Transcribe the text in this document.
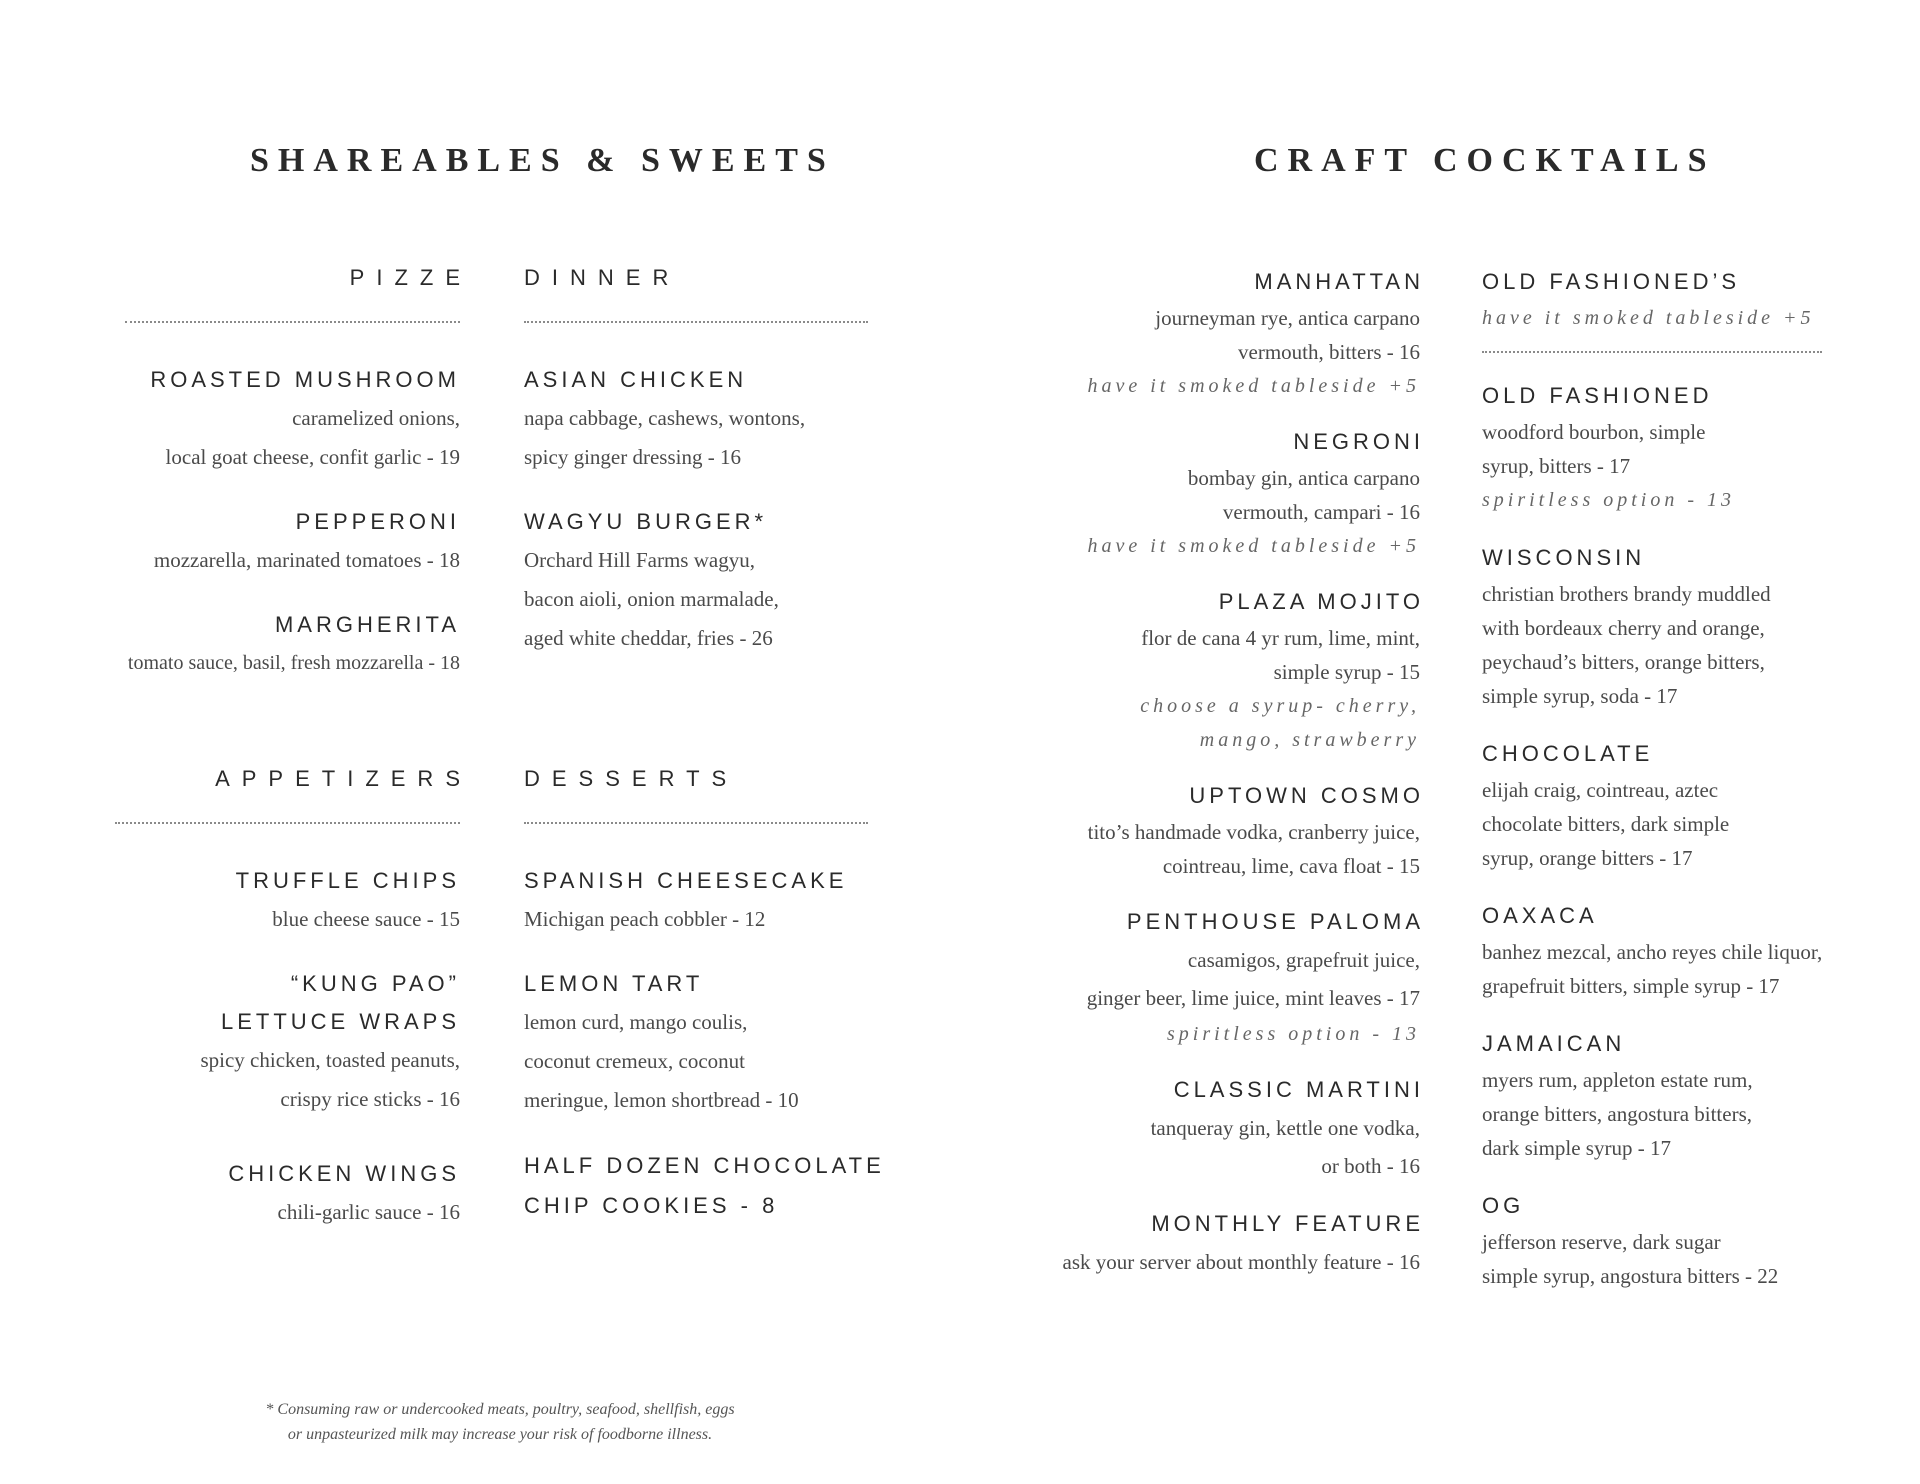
SHAREABLES & SWEETS	CRAFT COCKTAILS
PIZZE
ROASTED MUSHROOM
caramelized onions,
local goat cheese, confit garlic - 19
PEPPERONI
mozzarella, marinated tomatoes - 18
MARGHERITA
tomato sauce, basil, fresh mozzarella - 18
DINNER
ASIAN CHICKEN
napa cabbage, cashews, wontons,
spicy ginger dressing - 16
WAGYU BURGER*
Orchard Hill Farms wagyu,
bacon aioli, onion marmalade,
aged white cheddar, fries - 26
APPETIZERS
TRUFFLE CHIPS
blue cheese sauce - 15
“KUNG PAO”
LETTUCE WRAPS
spicy chicken, toasted peanuts,
crispy rice sticks - 16
CHICKEN WINGS
chili-garlic sauce - 16
DESSERTS
SPANISH CHEESECAKE
Michigan peach cobbler - 12
LEMON TART
lemon curd, mango coulis,
coconut cremeux, coconut
meringue, lemon shortbread - 10
HALF DOZEN CHOCOLATE
CHIP COOKIES - 8
* Consuming raw or undercooked meats, poultry, seafood, shellfish, eggs
or unpasteurized milk may increase your risk of foodborne illness.
MANHATTAN
journeyman rye, antica carpano
vermouth, bitters - 16
have it smoked tableside +5
NEGRONI
bombay gin, antica carpano
vermouth, campari - 16
have it smoked tableside +5
PLAZA MOJITO
flor de cana 4 yr rum, lime, mint,
simple syrup - 15
choose a syrup- cherry,
mango, strawberry
UPTOWN COSMO
tito’s handmade vodka, cranberry juice,
cointreau, lime, cava float - 15
PENTHOUSE PALOMA
casamigos, grapefruit juice,
ginger beer, lime juice, mint leaves - 17
spiritless option - 13
CLASSIC MARTINI
tanqueray gin, kettle one vodka,
or both - 16
MONTHLY FEATURE
ask your server about monthly feature - 16
OLD FASHIONED’S
have it smoked tableside +5
OLD FASHIONED
woodford bourbon, simple
syrup, bitters - 17
spiritless option - 13
WISCONSIN
christian brothers brandy muddled
with bordeaux cherry and orange,
peychaud’s bitters, orange bitters,
simple syrup, soda - 17
CHOCOLATE
elijah craig, cointreau, aztec
chocolate bitters, dark simple
syrup, orange bitters - 17
OAXACA
banhez mezcal, ancho reyes chile liquor,
grapefruit bitters, simple syrup - 17
JAMAICAN
myers rum, appleton estate rum,
orange bitters, angostura bitters,
dark simple syrup - 17
OG
jefferson reserve, dark sugar
simple syrup, angostura bitters - 22
